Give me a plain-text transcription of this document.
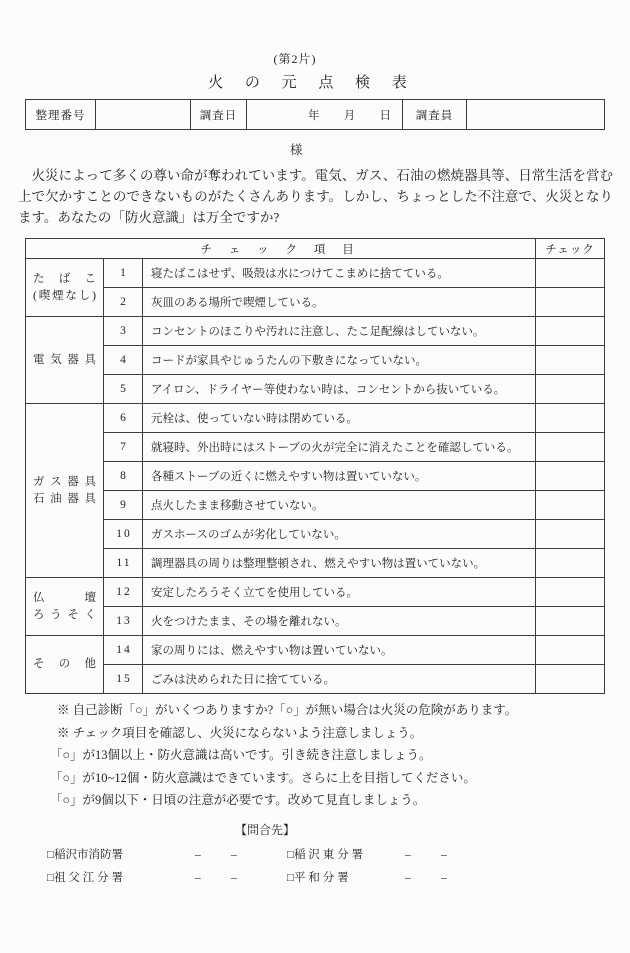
(第2片)
火 の 元 点 検 表
整理番号		調査日	年      月      日	調査員	
様

火災によって多くの尊い命が奪われています。電気、ガス、石油の燃焼器具等、日常生活を営む上で欠かすことのできないものがたくさんあります。しかし、ちょっとした不注意で、火災となります。あなたの「防火意識」は万全ですか?

チ ェ ッ ク 項 目			チェック

た ば こ
(喫煙なし)	1	寝たばこはせず、吸殻は水につけてこまめに捨てている。	
	2	灰皿のある場所で喫煙している。	

電 気 器 具	3	コンセントのほこりや汚れに注意し、たこ足配線はしていない。	
	4	コードが家具やじゅうたんの下敷きになっていない。	
	5	アイロン、ドライヤー等使わない時は、コンセントから抜いている。	

ガ ス 器 具
石 油 器 具	6	元栓は、使っていない時は閉めている。	
	7	就寝時、外出時にはストーブの火が完全に消えたことを確認している。	
	8	各種ストーブの近くに燃えやすい物は置いていない。	
	9	点火したまま移動させていない。	
	10	ガスホースのゴムが劣化していない。	
	11	調理器具の周りは整理整頓され、燃えやすい物は置いていない。	

仏 壇
ろ う そ く	12	安定したろうそく立てを使用している。	
	13	火をつけたまま、その場を離れない。	

そ の 他	14	家の周りには、燃えやすい物は置いていない。	
	15	ごみは決められた日に捨てている。	
※ 自己診断「○」がいくつありますか?「○」が無い場合は火災の危険があります。
※ チェック項目を確認し、火災にならないよう注意しましょう。
「○」が13個以上・防火意識は高いです。引き続き注意しましょう。
「○」が10~12個・防火意識はできています。さらに上を目指してください。
「○」が9個以下・日頃の注意が必要です。改めて見直しましょう。
【問合先】
□稲沢市消防署	–	–	□稲 沢 東 分 署	–	–
□祖 父 江 分 署	–	–	□平 和 分 署	–	–
